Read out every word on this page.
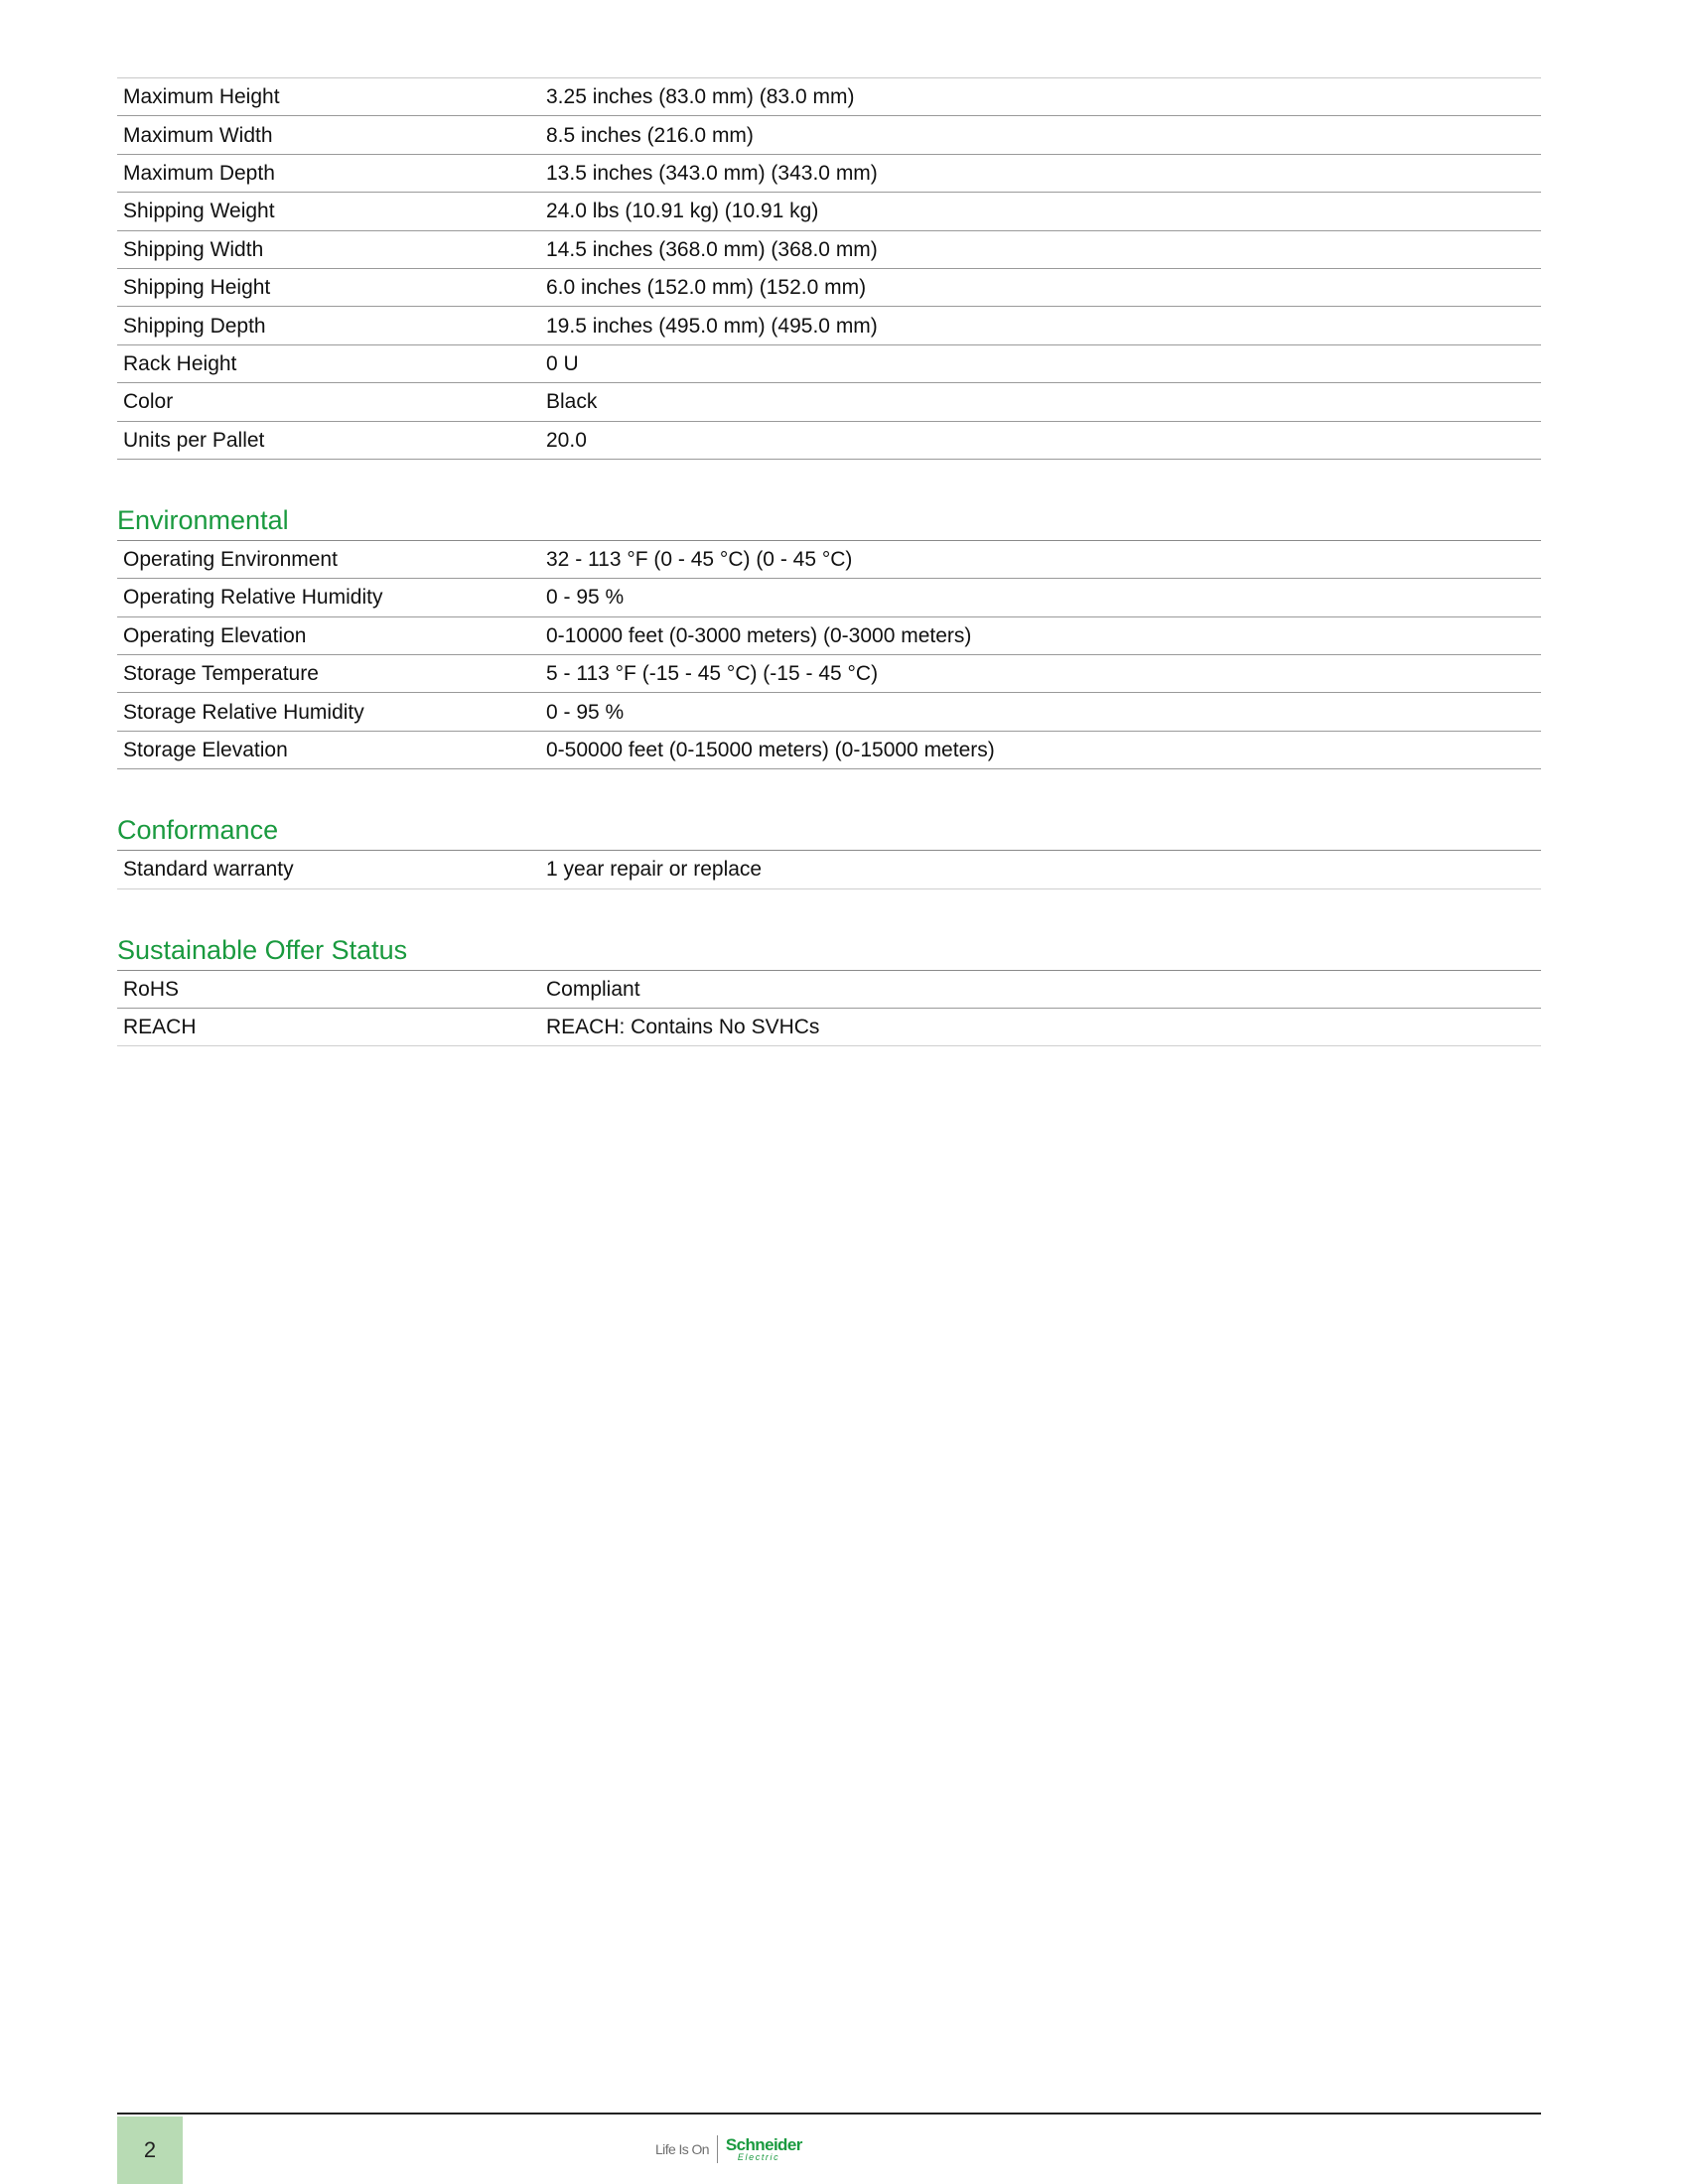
Maximum Height	3.25 inches (83.0 mm) (83.0 mm)
Maximum Width	8.5 inches (216.0 mm)
Maximum Depth	13.5 inches (343.0 mm) (343.0 mm)
Shipping Weight	24.0 lbs (10.91 kg) (10.91 kg)
Shipping Width	14.5 inches (368.0 mm) (368.0 mm)
Shipping Height	6.0 inches (152.0 mm) (152.0 mm)
Shipping Depth	19.5 inches (495.0 mm) (495.0 mm)
Rack Height	0 U
Color	Black
Units per Pallet	20.0
Environmental
Operating Environment	32 - 113 °F (0 - 45 °C) (0 - 45 °C)
Operating Relative Humidity	0 - 95 %
Operating Elevation	0-10000 feet (0-3000 meters) (0-3000 meters)
Storage Temperature	5 - 113 °F (-15 - 45 °C) (-15 - 45 °C)
Storage Relative Humidity	0 - 95 %
Storage Elevation	0-50000 feet (0-15000 meters) (0-15000 meters)
Conformance
Standard warranty	1 year repair or replace
Sustainable Offer Status
RoHS	Compliant
REACH	REACH: Contains No SVHCs
2	Life Is On Schneider
Electric
